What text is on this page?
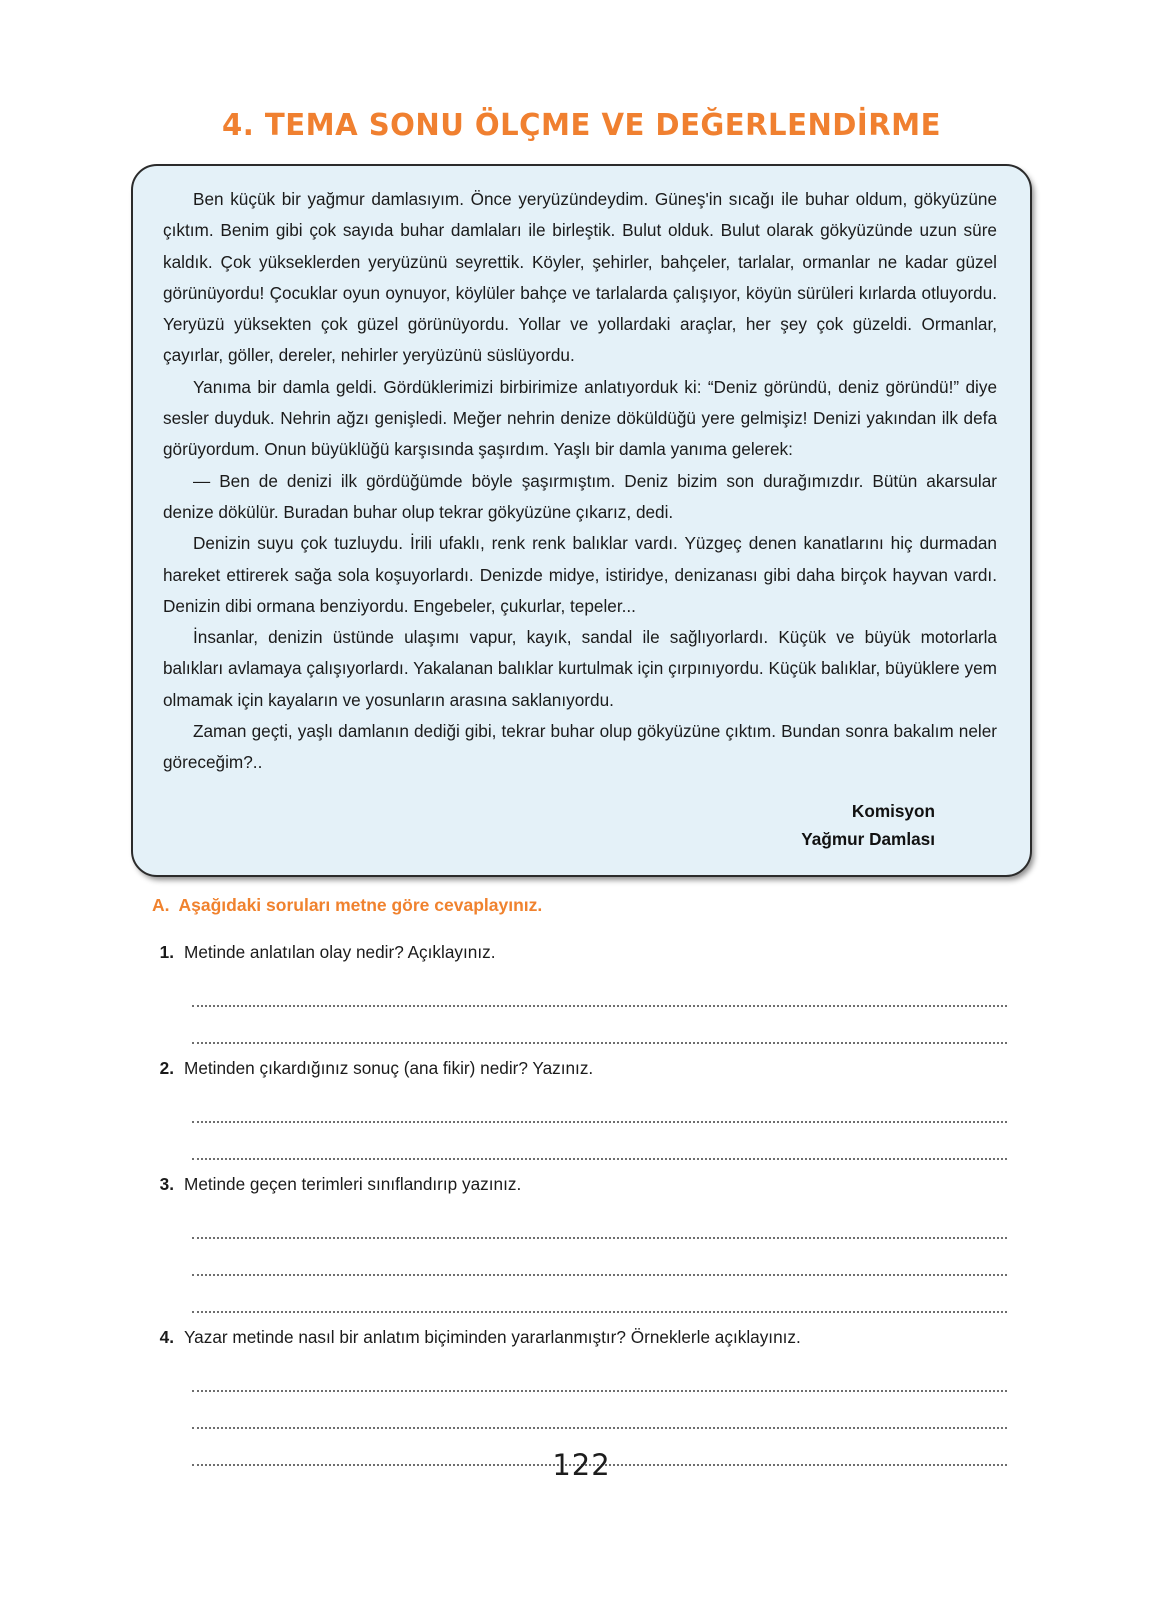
4. TEMA SONU ÖLÇME VE DEĞERLENDİRME

Ben küçük bir yağmur damlasıyım. Önce yeryüzündeydim. Güneş'in sıcağı ile buhar oldum, gökyüzüne çıktım. Benim gibi çok sayıda buhar damlaları ile birleştik. Bulut olduk. Bulut olarak gökyüzünde uzun süre kaldık. Çok yükseklerden yeryüzünü seyrettik. Köyler, şehirler, bahçeler, tarlalar, ormanlar ne kadar güzel görünüyordu! Çocuklar oyun oynuyor, köylüler bahçe ve tarlalarda çalışıyor, köyün sürüleri kırlarda otluyordu. Yeryüzü yüksekten çok güzel görünüyordu. Yollar ve yollardaki araçlar, her şey çok güzeldi. Ormanlar, çayırlar, göller, dereler, nehirler yeryüzünü süslüyordu.

Yanıma bir damla geldi. Gördüklerimizi birbirimize anlatıyorduk ki: “Deniz göründü, deniz göründü!” diye sesler duyduk. Nehrin ağzı genişledi. Meğer nehrin denize döküldüğü yere gelmişiz! Denizi yakından ilk defa görüyordum. Onun büyüklüğü karşısında şaşırdım. Yaşlı bir damla yanıma gelerek:

— Ben de denizi ilk gördüğümde böyle şaşırmıştım. Deniz bizim son durağımızdır. Bütün akarsular denize dökülür. Buradan buhar olup tekrar gökyüzüne çıkarız, dedi.

Denizin suyu çok tuzluydu. İrili ufaklı, renk renk balıklar vardı. Yüzgeç denen kanatlarını hiç durmadan hareket ettirerek sağa sola koşuyorlardı. Denizde midye, istiridye, denizanası gibi daha birçok hayvan vardı. Denizin dibi ormana benziyordu. Engebeler, çukurlar, tepeler...

İnsanlar, denizin üstünde ulaşımı vapur, kayık, sandal ile sağlıyorlardı. Küçük ve büyük motorlarla balıkları avlamaya çalışıyorlardı. Yakalanan balıklar kurtulmak için çırpınıyordu. Küçük balıklar, büyüklere yem olmamak için kayaların ve yosunların arasına saklanıyordu.

Zaman geçti, yaşlı damlanın dediği gibi, tekrar buhar olup gökyüzüne çıktım. Bundan sonra bakalım neler göreceğim?..

Komisyon
Yağmur Damlası
A. Aşağıdaki soruları metne göre cevaplayınız.
1. Metinde anlatılan olay nedir? Açıklayınız.
2. Metinden çıkardığınız sonuç (ana fikir) nedir? Yazınız.
3. Metinde geçen terimleri sınıflandırıp yazınız.
4. Yazar metinde nasıl bir anlatım biçiminden yararlanmıştır? Örneklerle açıklayınız.
122
